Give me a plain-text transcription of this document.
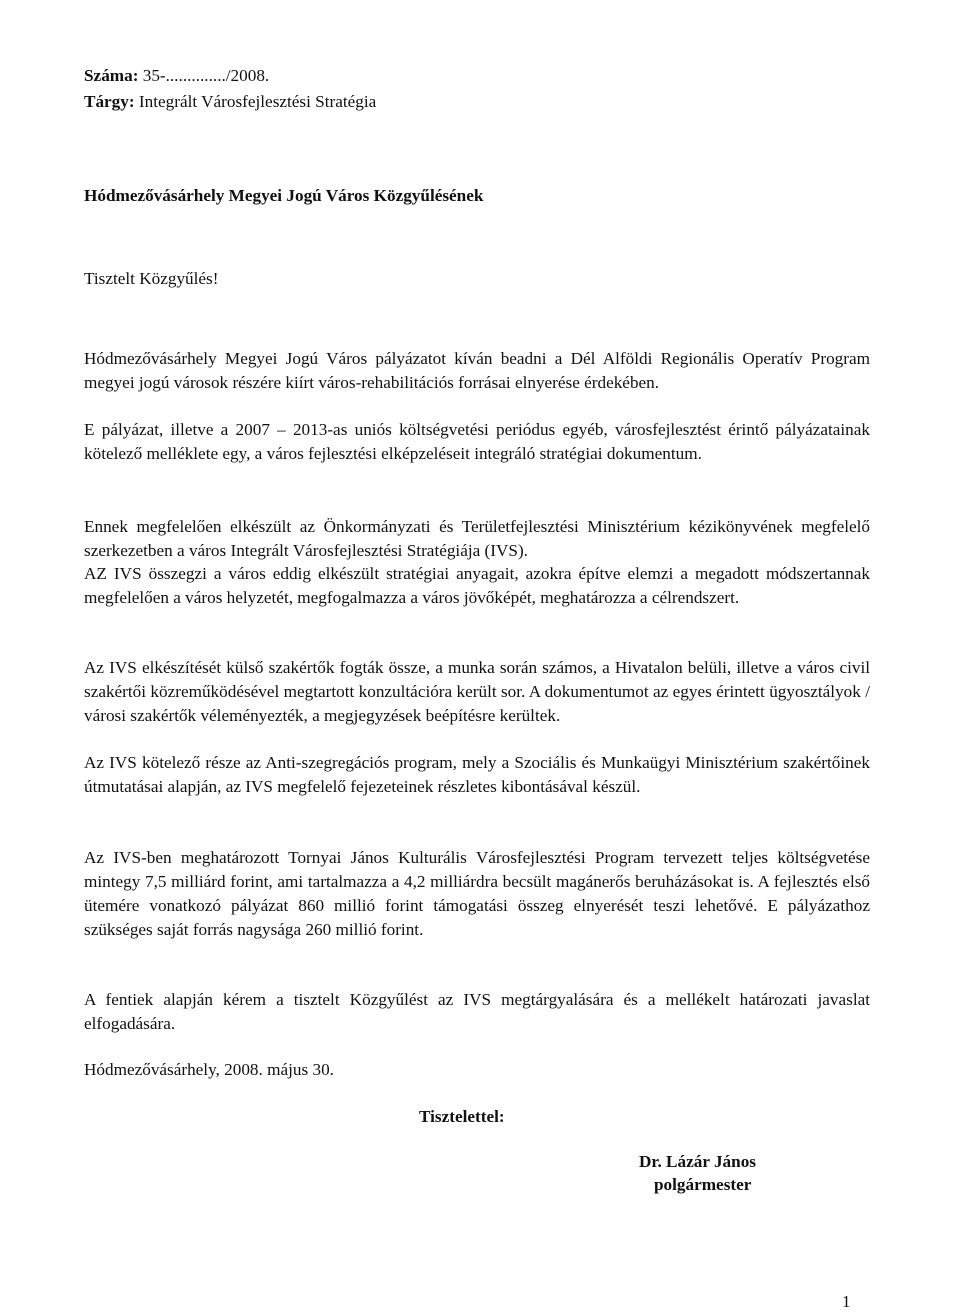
Száma: 35-............../2008.
Tárgy: Integrált Városfejlesztési Stratégia
Hódmezővásárhely Megyei Jogú Város Közgyűlésének
Tisztelt Közgyűlés!

Hódmezővásárhely Megyei Jogú Város pályázatot kíván beadni a Dél Alföldi Regionális Operatív Program megyei jogú városok részére kiírt város-rehabilitációs forrásai elnyerése érdekében.

E pályázat, illetve a 2007 – 2013-as uniós költségvetési periódus egyéb, városfejlesztést érintő pályázatainak kötelező melléklete egy, a város fejlesztési elképzeléseit integráló stratégiai dokumentum.

Ennek megfelelően elkészült az Önkormányzati és Területfejlesztési Minisztérium kézikönyvének megfelelő szerkezetben a város Integrált Városfejlesztési Stratégiája (IVS).

AZ IVS összegzi a város eddig elkészült stratégiai anyagait, azokra építve elemzi a megadott módszertannak megfelelően a város helyzetét, megfogalmazza a város jövőképét, meghatározza a célrendszert.

Az IVS elkészítését külső szakértők fogták össze, a munka során számos, a Hivatalon belüli, illetve a város civil szakértői közreműködésével megtartott konzultációra került sor. A dokumentumot az egyes érintett ügyosztályok / városi szakértők véleményezték, a megjegyzések beépítésre kerültek.

Az IVS kötelező része az Anti-szegregációs program, mely a Szociális és Munkaügyi Minisztérium szakértőinek útmutatásai alapján, az IVS megfelelő fejezeteinek részletes kibontásával készül.

Az IVS-ben meghatározott Tornyai János Kulturális Városfejlesztési Program tervezett teljes költségvetése mintegy 7,5 milliárd forint, ami tartalmazza a 4,2 milliárdra becsült magánerős beruházásokat is. A fejlesztés első ütemére vonatkozó pályázat 860 millió forint támogatási összeg elnyerését teszi lehetővé. E pályázathoz szükséges saját forrás nagysága 260 millió forint.

A fentiek alapján kérem a tisztelt Közgyűlést az IVS megtárgyalására és a mellékelt határozati javaslat elfogadására.

Hódmezővásárhely, 2008. május 30.
Tisztelettel:
Dr. Lázár János
polgármester
1
